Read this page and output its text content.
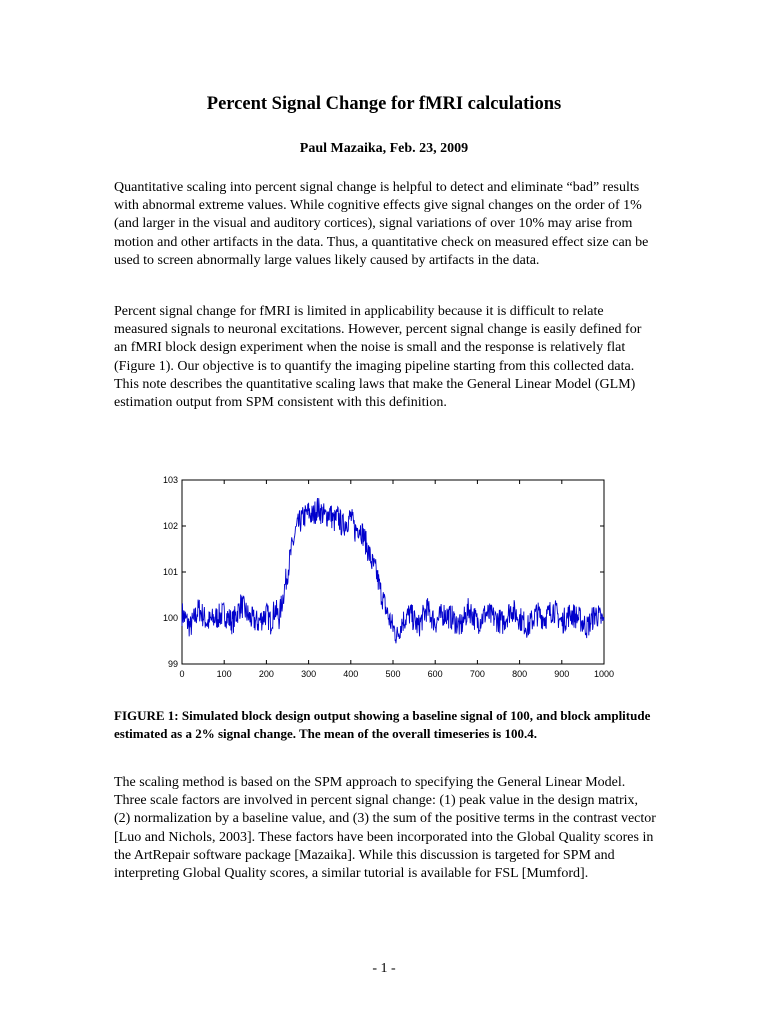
Percent Signal Change for fMRI calculations
Paul Mazaika, Feb. 23, 2009

Quantitative scaling into percent signal change is helpful to detect and eliminate “bad” results with abnormal extreme values. While cognitive effects give signal changes on the order of 1% (and larger in the visual and auditory cortices), signal variations of over 10% may arise from motion and other artifacts in the data. Thus, a quantitative check on measured effect size can be used to screen abnormally large values likely caused by artifacts in the data.

Percent signal change for fMRI is limited in applicability because it is difficult to relate measured signals to neuronal excitations. However, percent signal change is easily defined for an fMRI block design experiment when the noise is small and the response is relatively flat (Figure 1). Our objective is to quantify the imaging pipeline starting from this collected data. This note describes the quantitative scaling laws that make the General Linear Model (GLM) estimation output from SPM consistent with this definition.

0	100	200	300	400	500	600	700	800	900	1000
99
100
101
102
103

FIGURE 1: Simulated block design output showing a baseline signal of 100, and block amplitude estimated as a 2% signal change. The mean of the overall timeseries is 100.4.

The scaling method is based on the SPM approach to specifying the General Linear Model. Three scale factors are involved in percent signal change: (1) peak value in the design matrix, (2) normalization by a baseline value, and (3) the sum of the positive terms in the contrast vector [Luo and Nichols, 2003]. These factors have been incorporated into the Global Quality scores in the ArtRepair software package [Mazaika]. While this discussion is targeted for SPM and interpreting Global Quality scores, a similar tutorial is available for FSL [Mumford].

- 1 -
